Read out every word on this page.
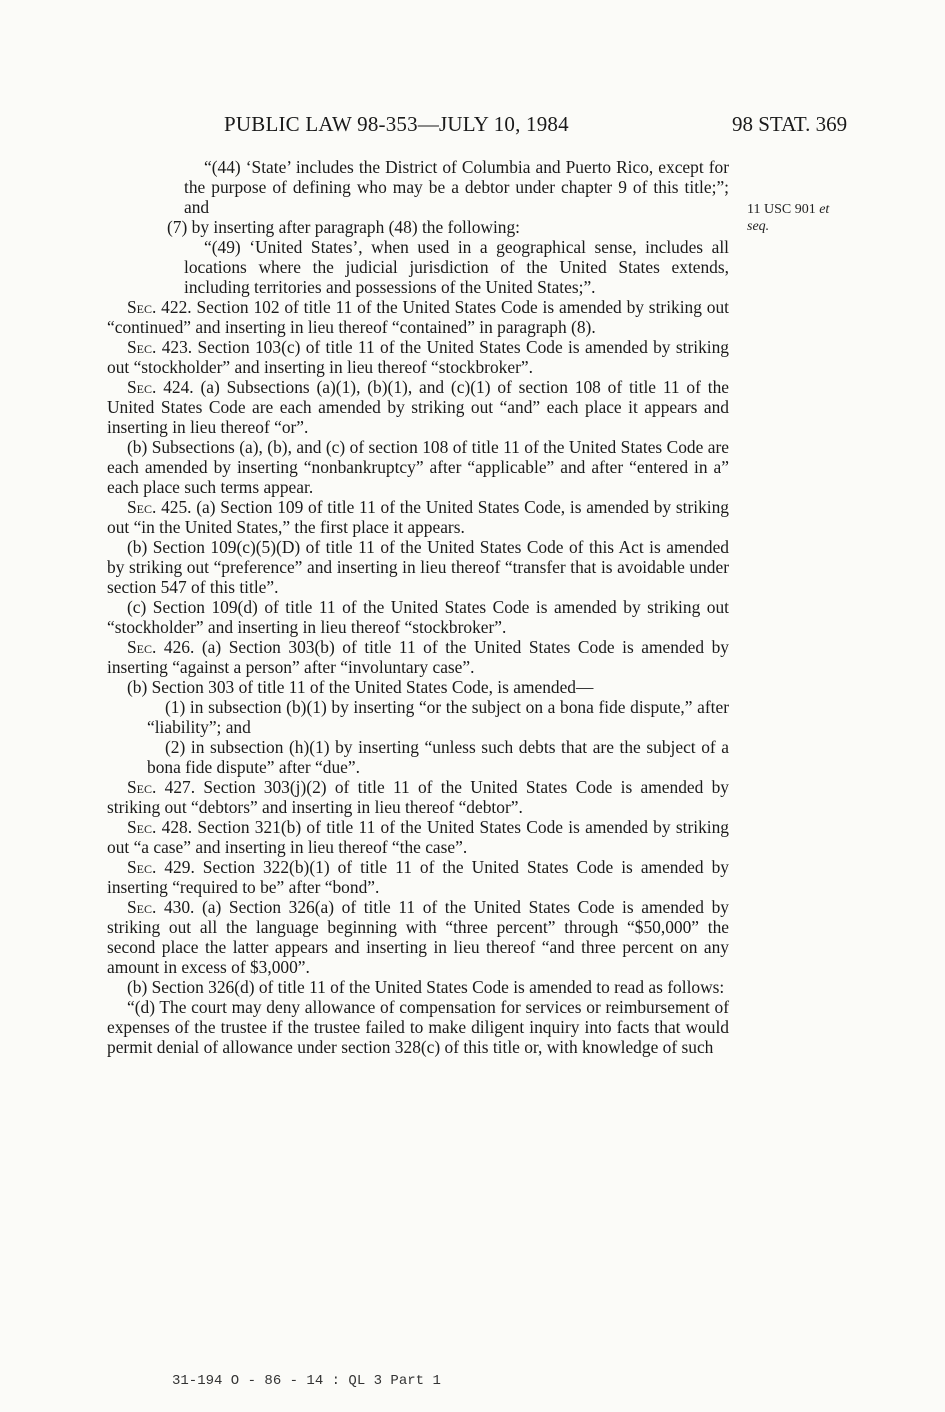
PUBLIC LAW 98-353—JULY 10, 1984	98 STAT. 369
11 USC 901 et
seq.

“(44) ‘State’ includes the District of Columbia and Puerto Rico, except for the purpose of defining who may be a debtor under chapter 9 of this title;”; and

(7) by inserting after paragraph (48) the following:

“(49) ‘United States’, when used in a geographical sense, includes all locations where the judicial jurisdiction of the United States extends, including territories and possessions of the United States;”.

Sec. 422. Section 102 of title 11 of the United States Code is amended by striking out “continued” and inserting in lieu thereof “contained” in paragraph (8).

Sec. 423. Section 103(c) of title 11 of the United States Code is amended by striking out “stockholder” and inserting in lieu thereof “stockbroker”.

Sec. 424. (a) Subsections (a)(1), (b)(1), and (c)(1) of section 108 of title 11 of the United States Code are each amended by striking out “and” each place it appears and inserting in lieu thereof “or”.

(b) Subsections (a), (b), and (c) of section 108 of title 11 of the United States Code are each amended by inserting “nonbankruptcy” after “applicable” and after “entered in a” each place such terms appear.

Sec. 425. (a) Section 109 of title 11 of the United States Code, is amended by striking out “in the United States,” the first place it appears.

(b) Section 109(c)(5)(D) of title 11 of the United States Code of this Act is amended by striking out “preference” and inserting in lieu thereof “transfer that is avoidable under section 547 of this title”.

(c) Section 109(d) of title 11 of the United States Code is amended by striking out “stockholder” and inserting in lieu thereof “stockbroker”.

Sec. 426. (a) Section 303(b) of title 11 of the United States Code is amended by inserting “against a person” after “involuntary case”.

(b) Section 303 of title 11 of the United States Code, is amended—

(1) in subsection (b)(1) by inserting “or the subject on a bona fide dispute,” after “liability”; and

(2) in subsection (h)(1) by inserting “unless such debts that are the subject of a bona fide dispute” after “due”.

Sec. 427. Section 303(j)(2) of title 11 of the United States Code is amended by striking out “debtors” and inserting in lieu thereof “debtor”.

Sec. 428. Section 321(b) of title 11 of the United States Code is amended by striking out “a case” and inserting in lieu thereof “the case”.

Sec. 429. Section 322(b)(1) of title 11 of the United States Code is amended by inserting “required to be” after “bond”.

Sec. 430. (a) Section 326(a) of title 11 of the United States Code is amended by striking out all the language beginning with “three percent” through “$50,000” the second place the latter appears and inserting in lieu thereof “and three percent on any amount in excess of $3,000”.

(b) Section 326(d) of title 11 of the United States Code is amended to read as follows:

“(d) The court may deny allowance of compensation for services or reimbursement of expenses of the trustee if the trustee failed to make diligent inquiry into facts that would permit denial of allowance under section 328(c) of this title or, with knowledge of such

31-194 O - 86 - 14 : QL 3 Part 1
